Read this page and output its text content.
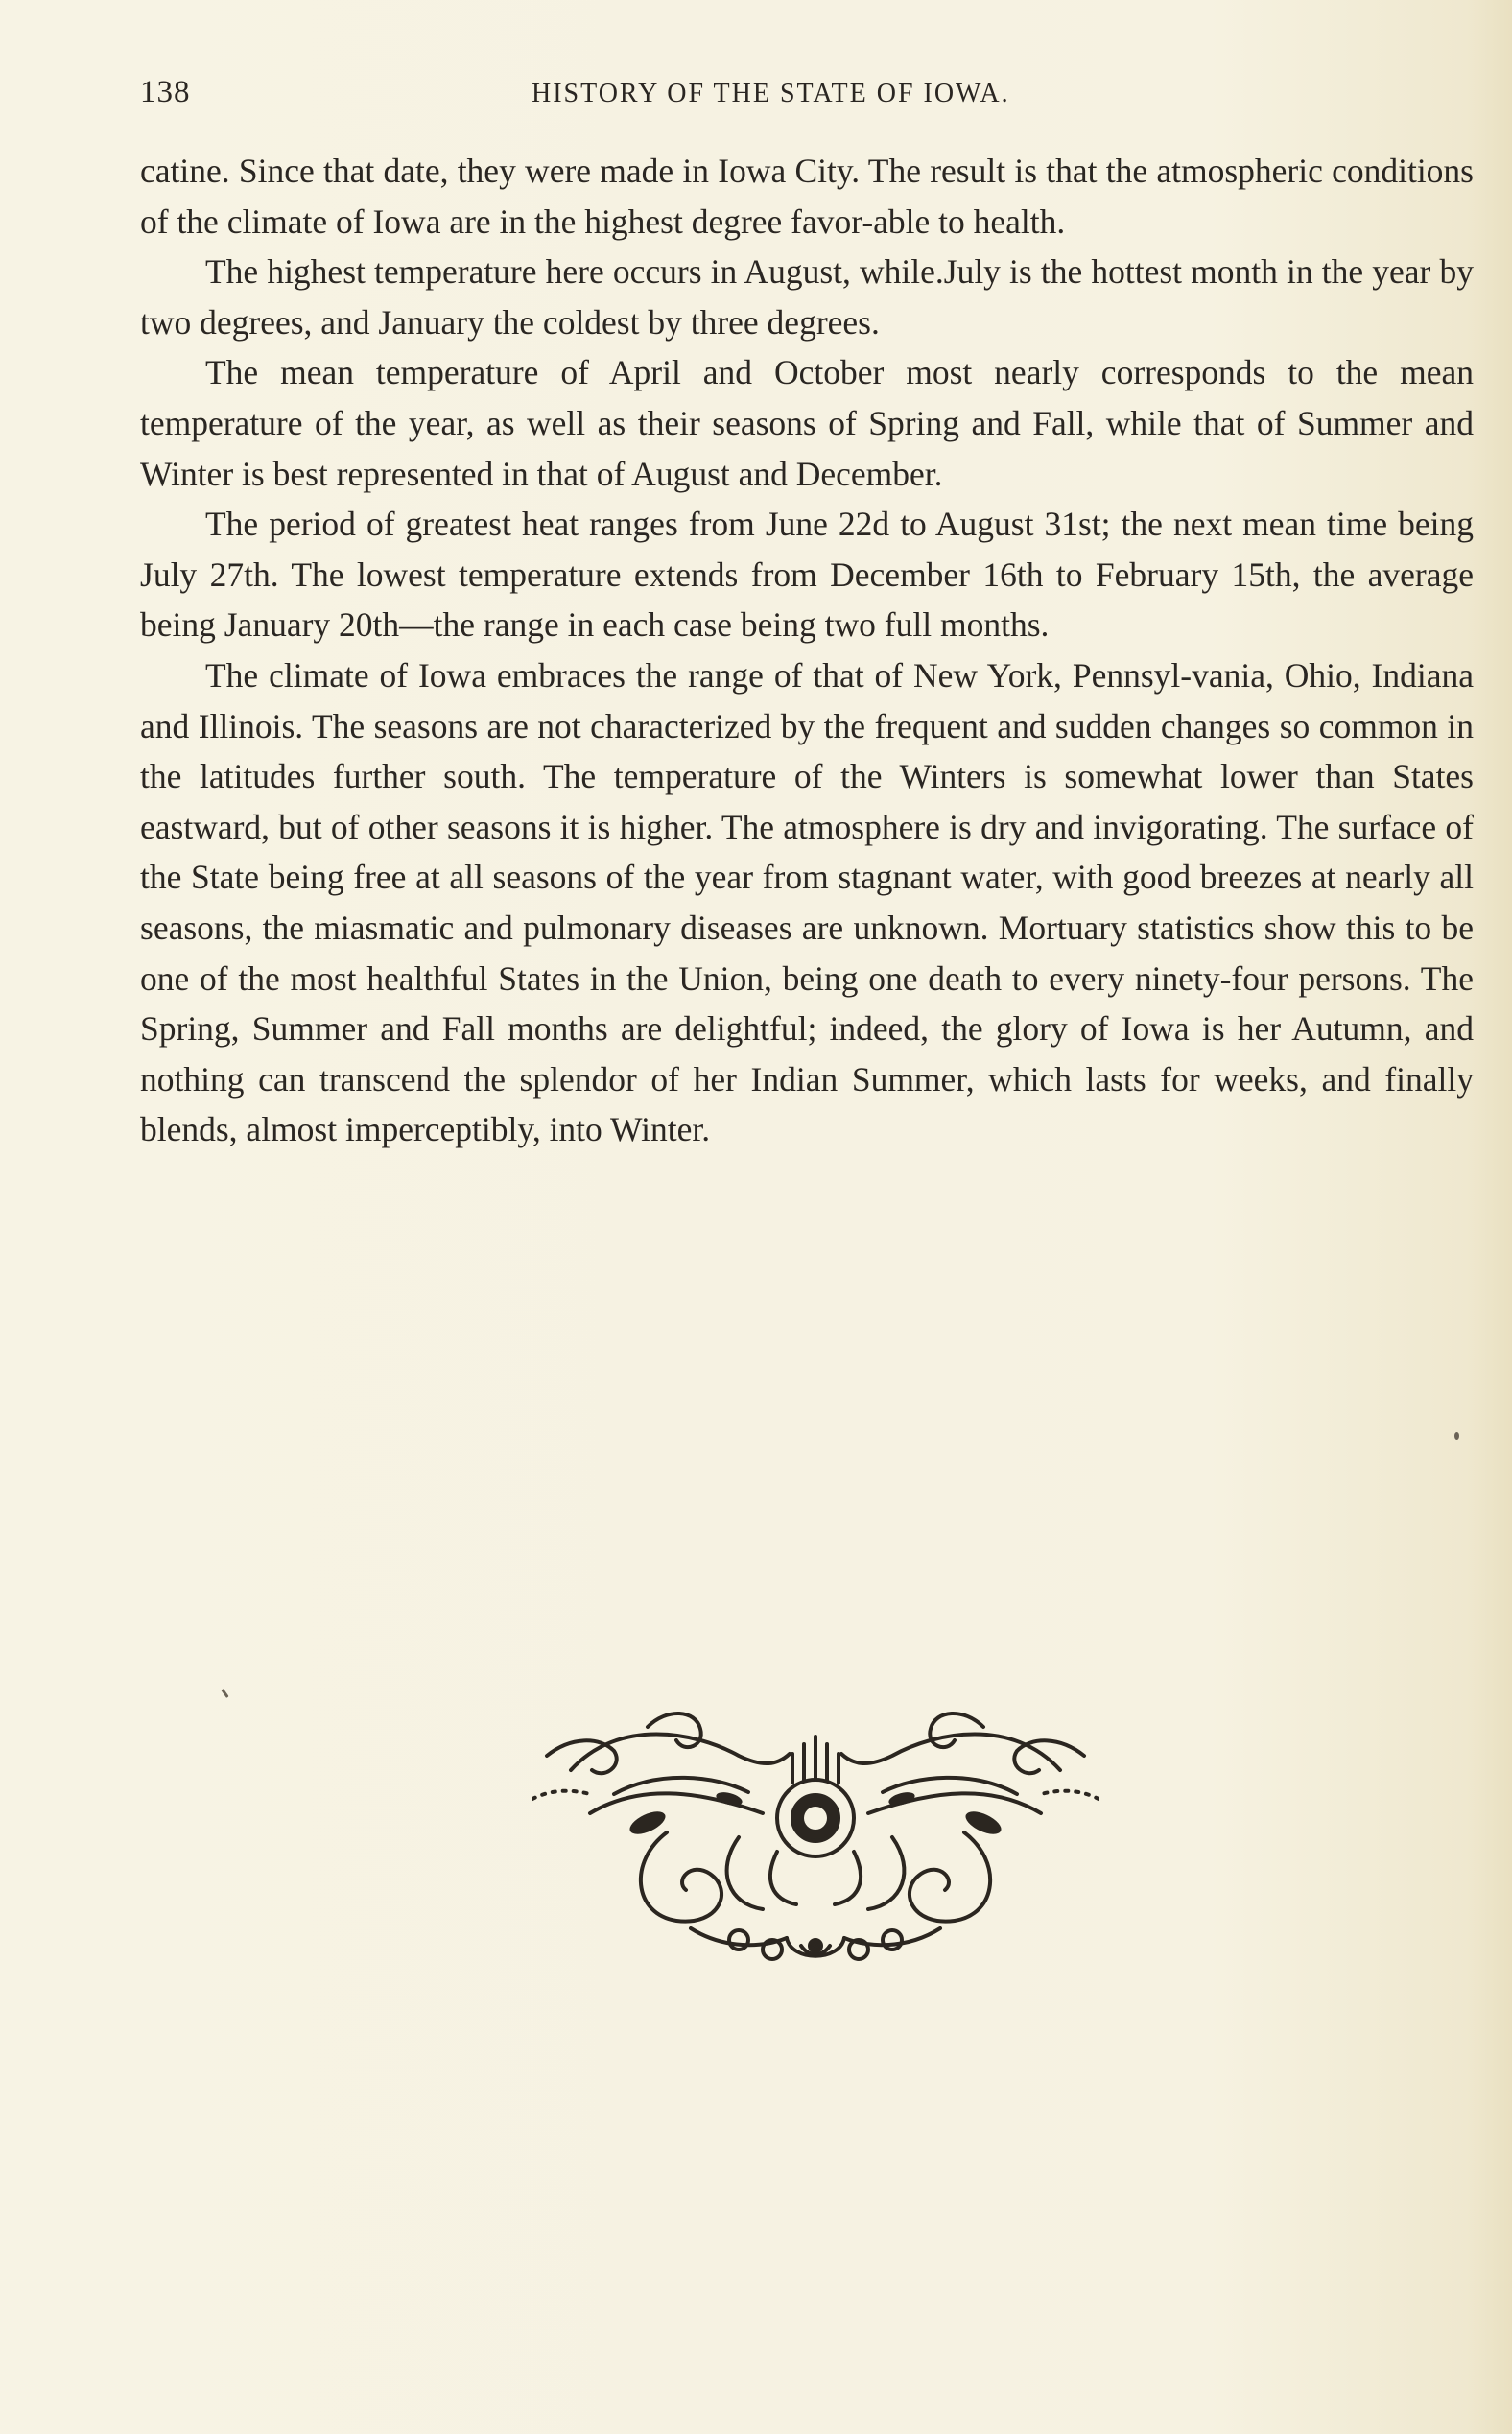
138	HISTORY OF THE STATE OF IOWA.

catine. Since that date, they were made in Iowa City. The result is that the atmospheric conditions of the climate of Iowa are in the highest degree favor-able to health.

The highest temperature here occurs in August, while.July is the hottest month in the year by two degrees, and January the coldest by three degrees.

The mean temperature of April and October most nearly corresponds to the mean temperature of the year, as well as their seasons of Spring and Fall, while that of Summer and Winter is best represented in that of August and December.

The period of greatest heat ranges from June 22d to August 31st; the next mean time being July 27th. The lowest temperature extends from December 16th to February 15th, the average being January 20th—the range in each case being two full months.

The climate of Iowa embraces the range of that of New York, Pennsyl-vania, Ohio, Indiana and Illinois. The seasons are not characterized by the frequent and sudden changes so common in the latitudes further south. The temperature of the Winters is somewhat lower than States eastward, but of other seasons it is higher. The atmosphere is dry and invigorating. The surface of the State being free at all seasons of the year from stagnant water, with good breezes at nearly all seasons, the miasmatic and pulmonary diseases are unknown. Mortuary statistics show this to be one of the most healthful States in the Union, being one death to every ninety-four persons. The Spring, Summer and Fall months are delightful; indeed, the glory of Iowa is her Autumn, and nothing can transcend the splendor of her Indian Summer, which lasts for weeks, and finally blends, almost imperceptibly, into Winter.
